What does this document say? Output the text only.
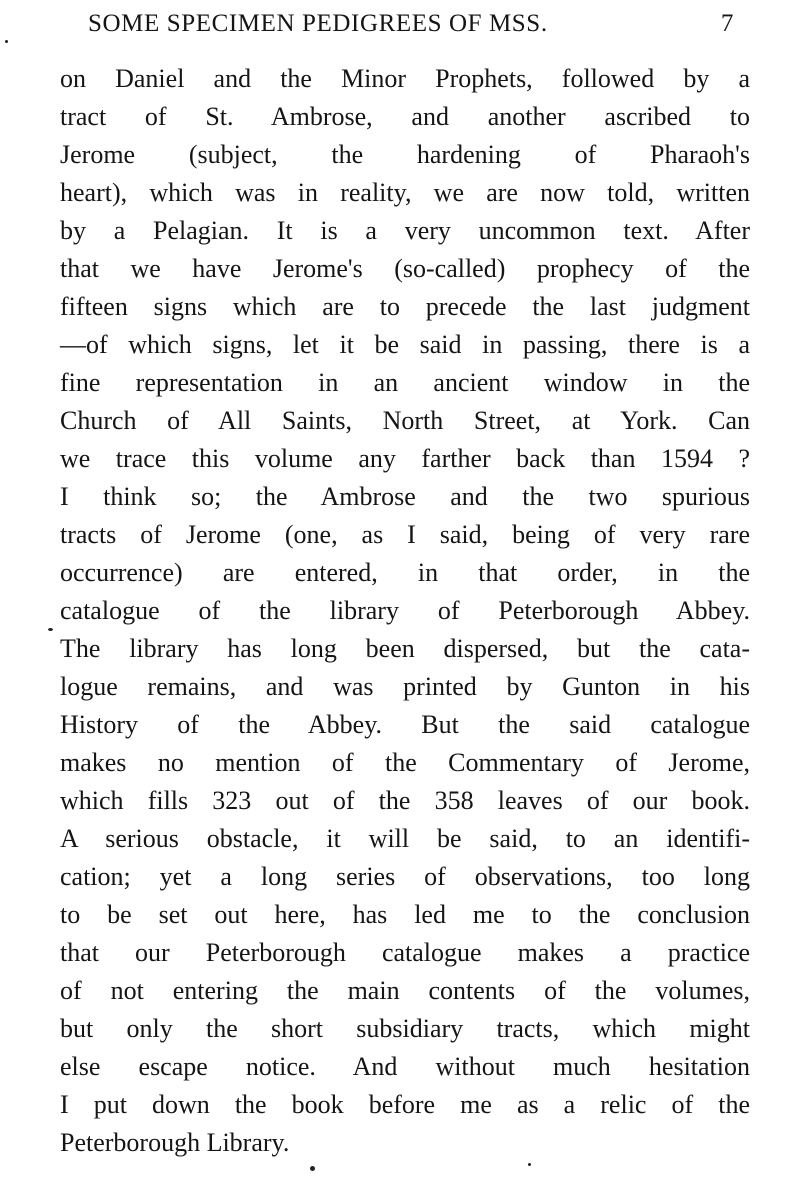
SOME SPECIMEN PEDIGREES OF MSS.	7
on Daniel and the Minor Prophets, followed by a
tract of St. Ambrose, and another ascribed to
Jerome (subject, the hardening of Pharaoh's
heart), which was in reality, we are now told, written
by a Pelagian. It is a very uncommon text. After
that we have Jerome's (so-called) prophecy of the
fifteen signs which are to precede the last judgment
—of which signs, let it be said in passing, there is a
fine representation in an ancient window in the
Church of All Saints, North Street, at York. Can
we trace this volume any farther back than 1594 ?
I think so; the Ambrose and the two spurious
tracts of Jerome (one, as I said, being of very rare
occurrence) are entered, in that order, in the
catalogue of the library of Peterborough Abbey.
The library has long been dispersed, but the cata-
logue remains, and was printed by Gunton in his
History of the Abbey. But the said catalogue
makes no mention of the Commentary of Jerome,
which fills 323 out of the 358 leaves of our book.
A serious obstacle, it will be said, to an identifi-
cation; yet a long series of observations, too long
to be set out here, has led me to the conclusion
that our Peterborough catalogue makes a practice
of not entering the main contents of the volumes,
but only the short subsidiary tracts, which might
else escape notice. And without much hesitation
I put down the book before me as a relic of the
Peterborough Library.
